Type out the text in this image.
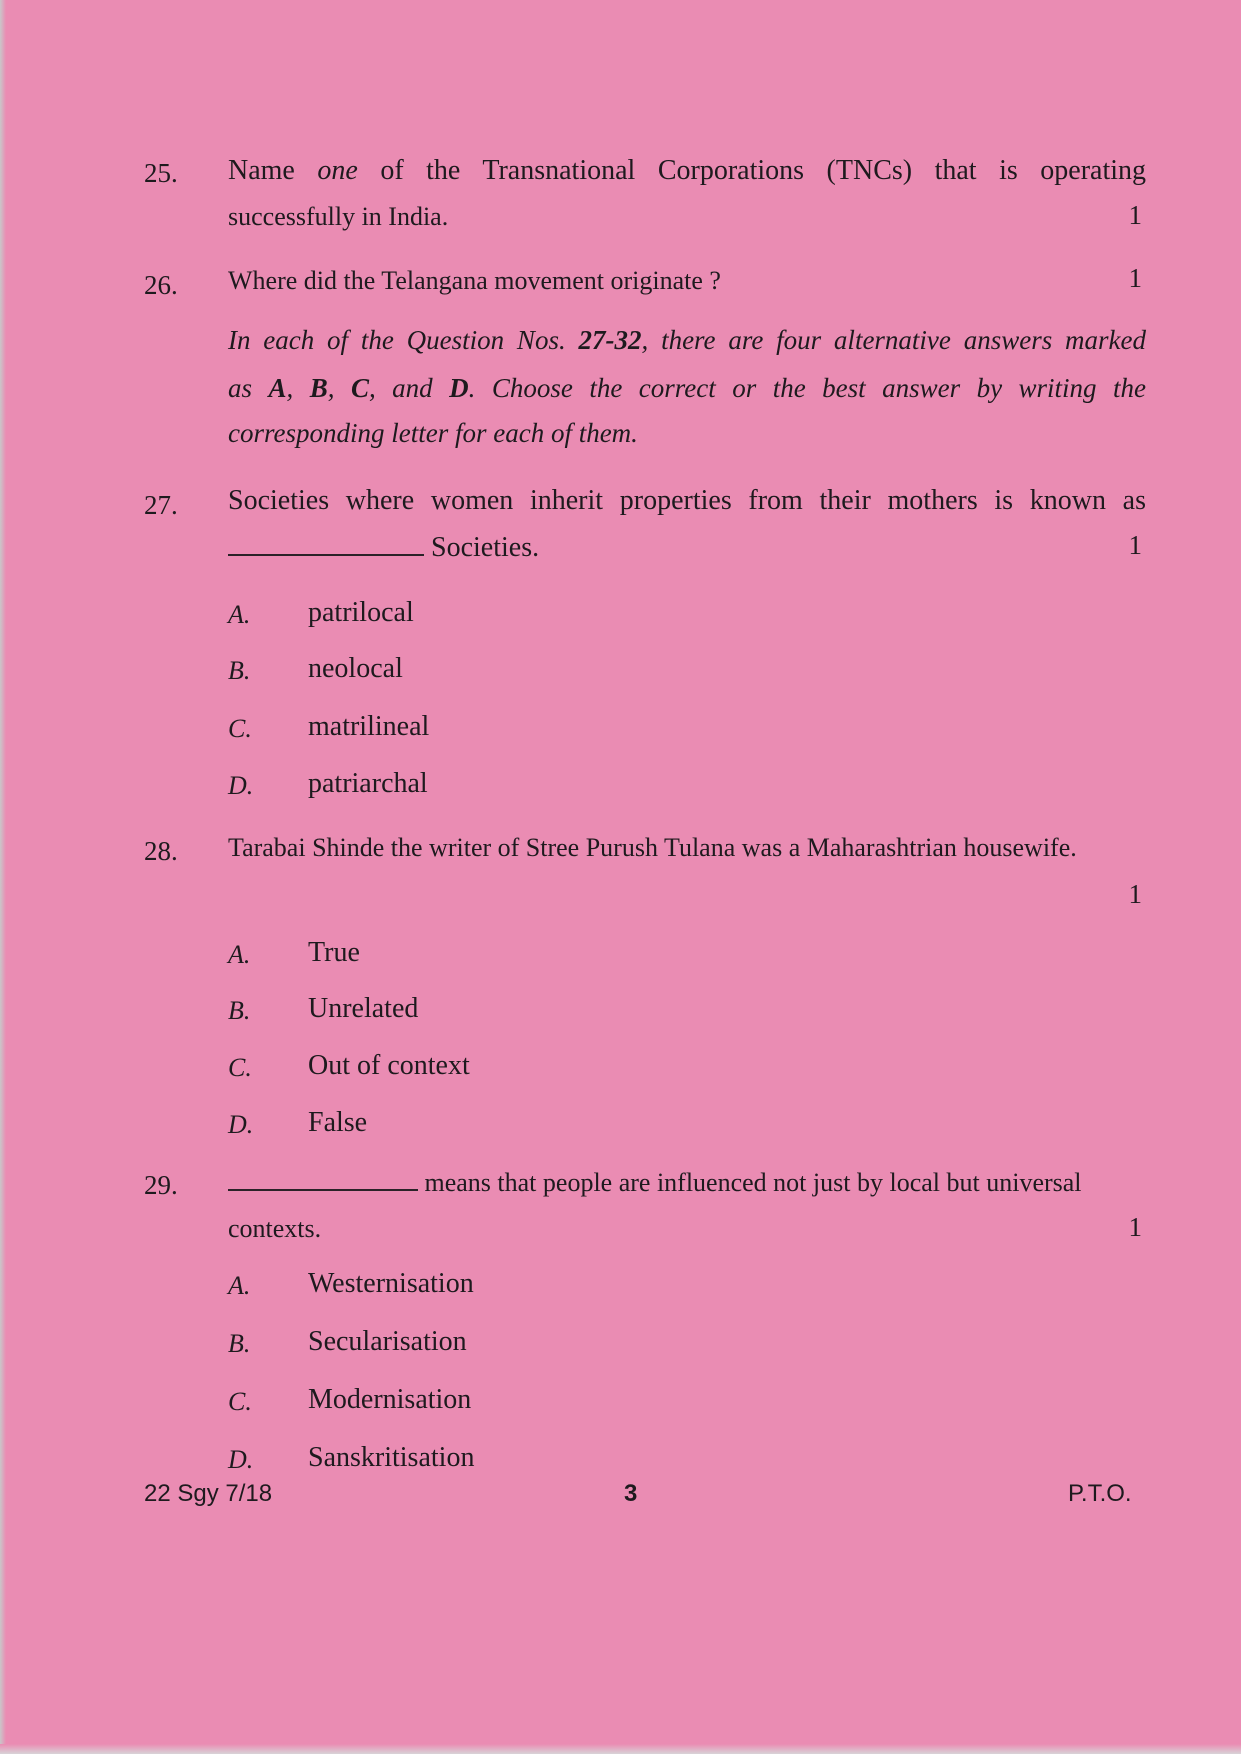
25. Name one of the Transnational Corporations (TNCs) that is operating
successfully in India.	1
26. Where did the Telangana movement originate ?	1
In each of the Question Nos. 27-32, there are four alternative answers marked
as A, B, C, and D. Choose the correct or the best answer by writing the
corresponding letter for each of them.
27. Societies where women inherit properties from their mothers is known as
Societies.	1
A. patrilocal
B. neolocal
C. matrilineal
D. patriarchal
28. Tarabai Shinde the writer of Stree Purush Tulana was a Maharashtrian housewife.
1
A. True
B. Unrelated
C. Out of context
D. False
29.	means that people are influenced not just by local but universal
contexts.	1
A. Westernisation
B. Secularisation
C. Modernisation
D. Sanskritisation
22 Sgy 7/18	3	P.T.O.
